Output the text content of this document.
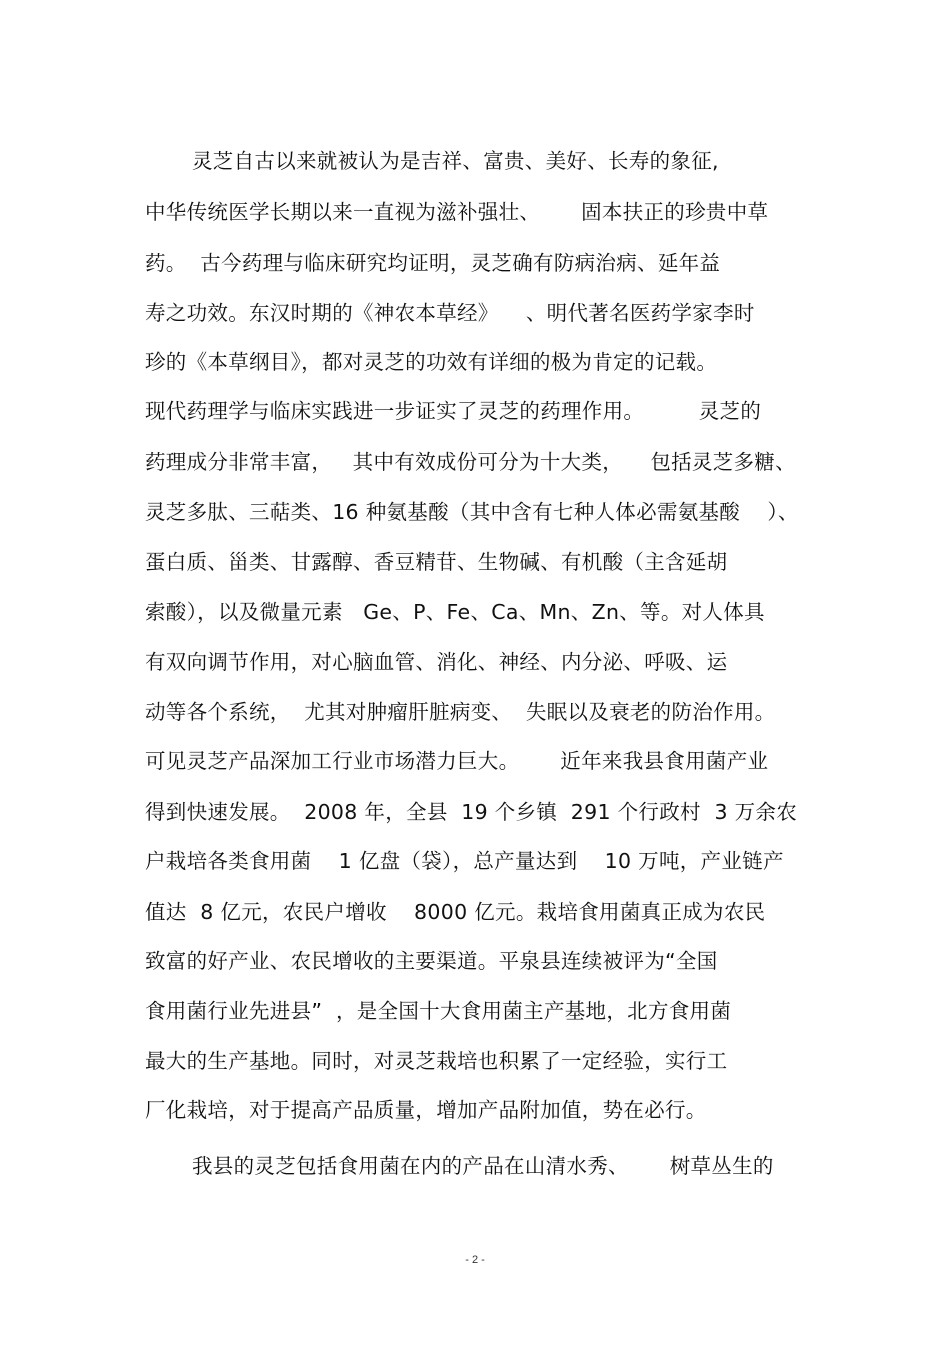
灵芝自古以来就被认为是吉祥、富贵、美好、长寿的象征,
中华传统医学长期以来一直视为滋补强壮、      固本扶正的珍贵中草
药。  古今药理与临床研究均证明，灵芝确有防病治病、延年益
寿之功效。东汉时期的《神农本草经》    、明代著名医药学家李时
珍的《本草纲目》，都对灵芝的功效有详细的极为肯定的记载。
现代药理学与临床实践进一步证实了灵芝的药理作用。        灵芝的
药理成分非常丰富，   其中有效成份可分为十大类，    包括灵芝多糖、
灵芝多肽、三萜类、16 种氨基酸（其中含有七种人体必需氨基酸    ）、
蛋白质、甾类、甘露醇、香豆精苷、生物碱、有机酸（主含延胡
索酸），以及微量元素   Ge、P、Fe、Ca、Mn、Zn、等。对人体具
有双向调节作用，对心脑血管、消化、神经、内分泌、呼吸、运
动等各个系统，  尤其对肿瘤肝脏病变、  失眠以及衰老的防治作用。
可见灵芝产品深加工行业市场潜力巨大。      近年来我县食用菌产业
得到快速发展。  2008 年，全县  19 个乡镇  291 个行政村  3 万余农
户栽培各类食用菌    1 亿盘（袋），总产量达到    10 万吨，产业链产
值达  8 亿元，农民户增收    8000 亿元。栽培食用菌真正成为农民
致富的好产业、农民增收的主要渠道。平泉县连续被评为“全国
食用菌行业先进县”  ，是全国十大食用菌主产基地，北方食用菌
最大的生产基地。同时，对灵芝栽培也积累了一定经验，实行工
厂化栽培，对于提高产品质量，增加产品附加值，势在必行。
我县的灵芝包括食用菌在内的产品在山清水秀、      树草丛生的
- 2 -
